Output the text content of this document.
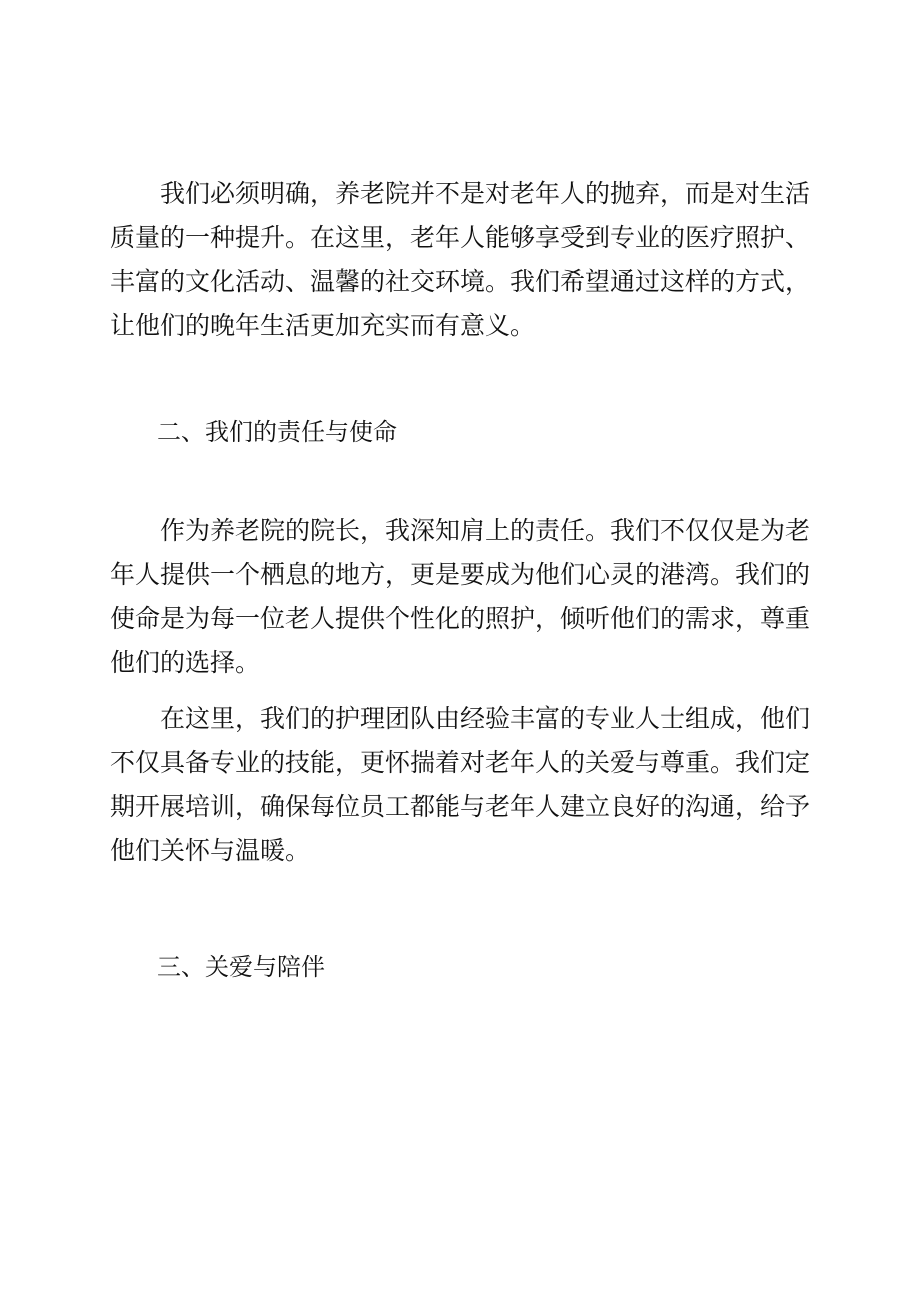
我们必须明确，养老院并不是对老年人的抛弃，而是对生活质量的一种提升。在这里，老年人能够享受到专业的医疗照护、丰富的文化活动、温馨的社交环境。我们希望通过这样的方式，让他们的晚年生活更加充实而有意义。

二、我们的责任与使命

作为养老院的院长，我深知肩上的责任。我们不仅仅是为老年人提供一个栖息的地方，更是要成为他们心灵的港湾。我们的使命是为每一位老人提供个性化的照护，倾听他们的需求，尊重他们的选择。

在这里，我们的护理团队由经验丰富的专业人士组成，他们不仅具备专业的技能，更怀揣着对老年人的关爱与尊重。我们定期开展培训，确保每位员工都能与老年人建立良好的沟通，给予他们关怀与温暖。

三、关爱与陪伴
